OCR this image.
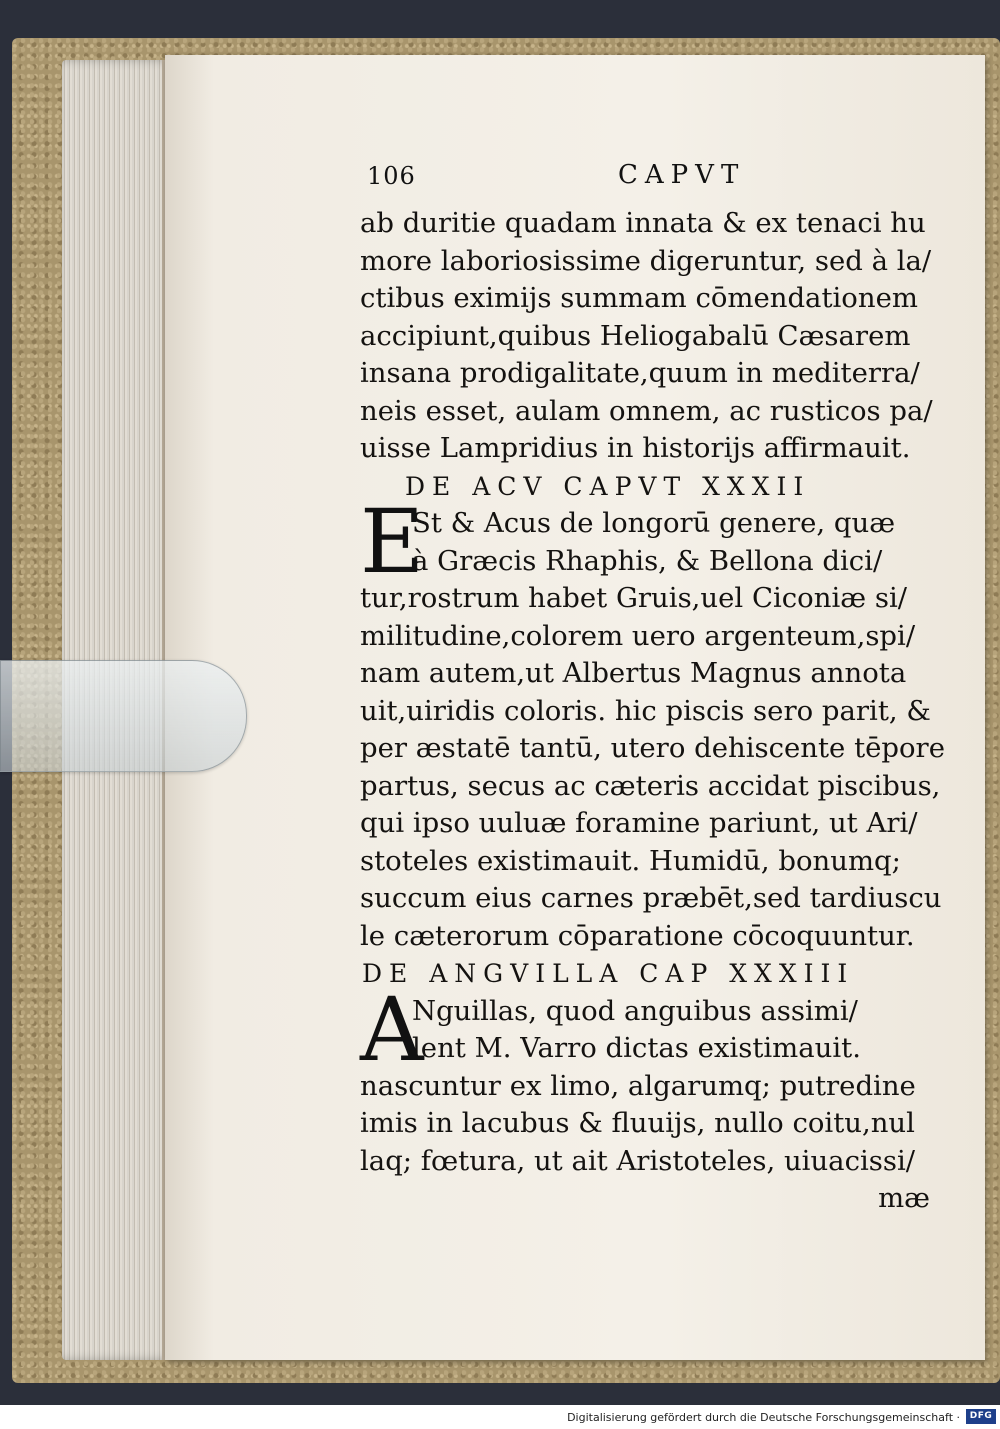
106	CAPVT
ab duritie quadam innata & ex tenaci hu
more laboriosissime digeruntur, sed à la/
ctibus eximijs summam cōmendationem
accipiunt,quibus Heliogabalū Cæsarem
insana prodigalitate,quum in mediterra/
neis esset, aulam omnem, ac rusticos pa/
uisse Lampridius in historijs affirmauit.
DE ACV CAPVT XXXII
E
St & Acus de longorū genere, quæ
à Græcis Rhaphis, & Bellona dici/
tur,rostrum habet Gruis,uel Ciconiæ si/
militudine,colorem uero argenteum,spi/
nam autem,ut Albertus Magnus annota
uit,uiridis coloris. hic piscis sero parit, &
per æstatē tantū, utero dehiscente tēpore
partus, secus ac cæteris accidat piscibus,
qui ipso uuluæ foramine pariunt, ut Ari/
stoteles existimauit. Humidū, bonumq;
succum eius carnes præbēt,sed tardiuscu
le cæterorum cōparatione cōcoquuntur.
DE ANGVILLA CAP XXXIII
A
Nguillas, quod anguibus assimi/
lent M. Varro dictas existimauit.
nascuntur ex limo, algarumq; putredine
imis in lacubus & fluuijs, nullo coitu,nul
laq; fœtura, ut ait Aristoteles, uiuacissi/
mæ
Digitalisierung gefördert durch die Deutsche Forschungsgemeinschaft ·	DFG
